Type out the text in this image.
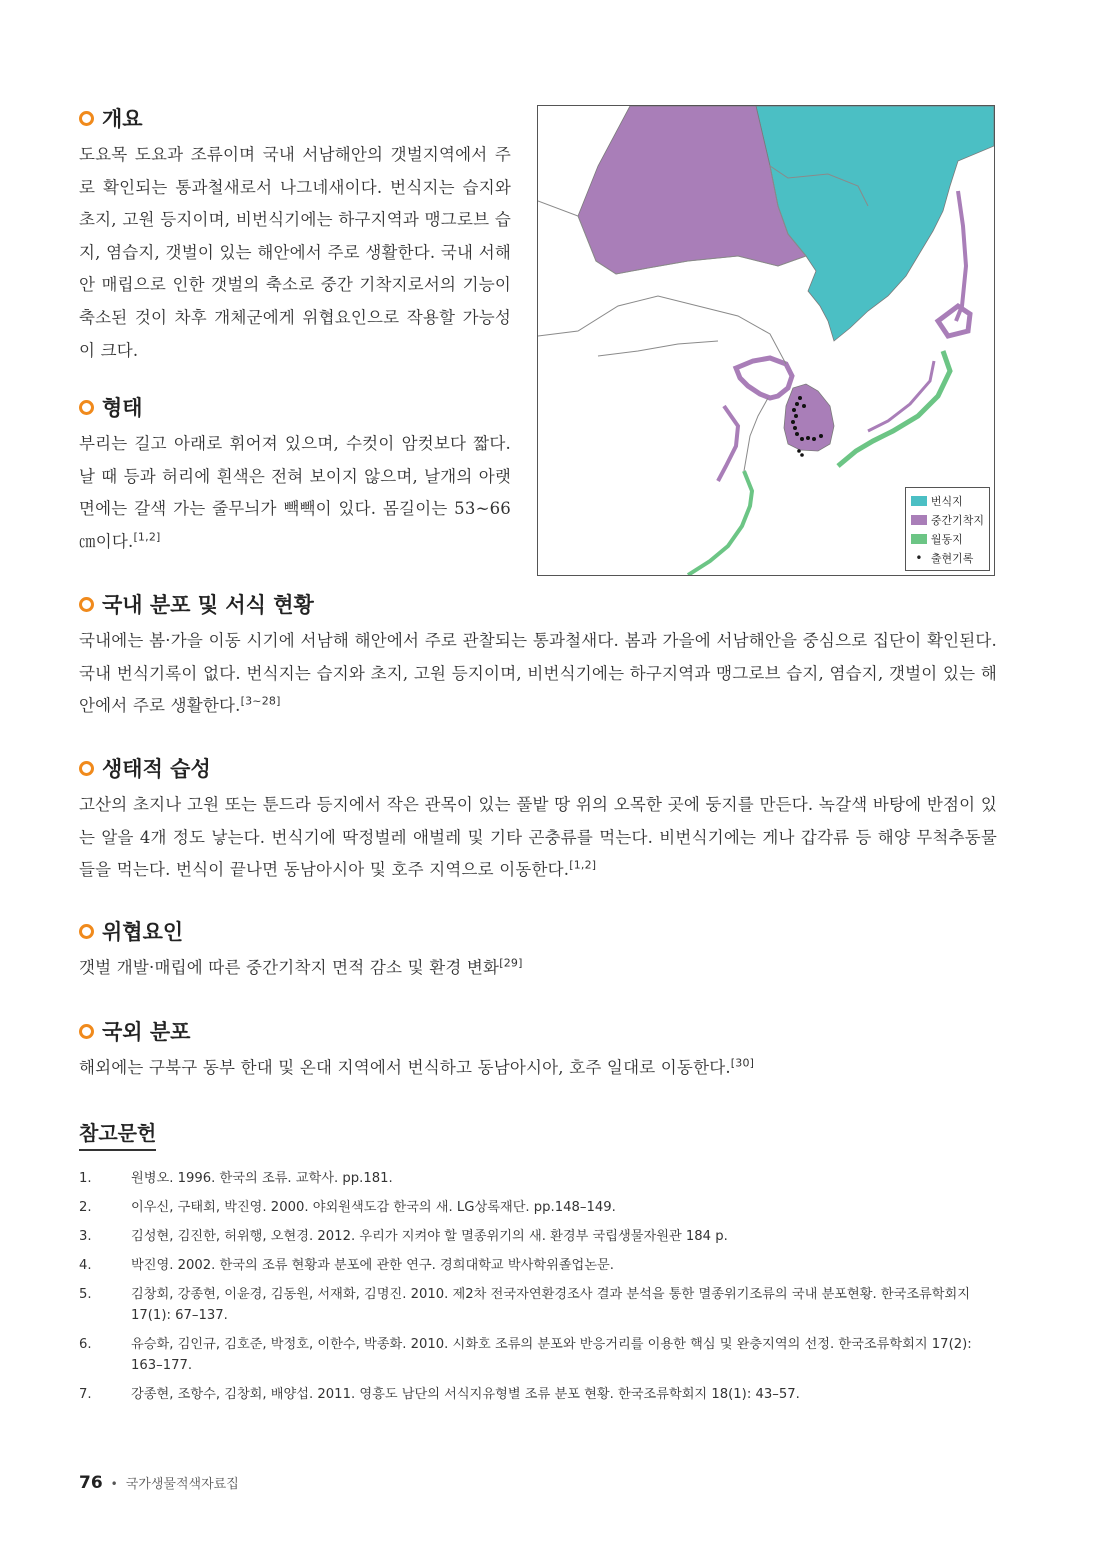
개요
도요목 도요과 조류이며 국내 서남해안의 갯벌지역에서 주로 확인되는 통과철새로서 나그네새이다. 번식지는 습지와 초지, 고원 등지이며, 비번식기에는 하구지역과 맹그로브 습지, 염습지, 갯벌이 있는 해안에서 주로 생활한다. 국내 서해안 매립으로 인한 갯벌의 축소로 중간 기착지로서의 기능이 축소된 것이 차후 개체군에게 위협요인으로 작용할 가능성이 크다.
형태
부리는 길고 아래로 휘어져 있으며, 수컷이 암컷보다 짧다. 날 때 등과 허리에 흰색은 전혀 보이지 않으며, 날개의 아랫면에는 갈색 가는 줄무늬가 빽빽이 있다. 몸길이는 53~66㎝이다.[1,2]
번식지
중간기착지
월동지
• 출현기록
국내 분포 및 서식 현황
국내에는 봄·가을 이동 시기에 서남해 해안에서 주로 관찰되는 통과철새다. 봄과 가을에 서남해안을 중심으로 집단이 확인된다. 국내 번식기록이 없다. 번식지는 습지와 초지, 고원 등지이며, 비번식기에는 하구지역과 맹그로브 습지, 염습지, 갯벌이 있는 해안에서 주로 생활한다.[3~28]
생태적 습성
고산의 초지나 고원 또는 툰드라 등지에서 작은 관목이 있는 풀밭 땅 위의 오목한 곳에 둥지를 만든다. 녹갈색 바탕에 반점이 있는 알을 4개 정도 낳는다. 번식기에 딱정벌레 애벌레 및 기타 곤충류를 먹는다. 비번식기에는 게나 갑각류 등 해양 무척추동물들을 먹는다. 번식이 끝나면 동남아시아 및 호주 지역으로 이동한다.[1,2]
위협요인
갯벌 개발·매립에 따른 중간기착지 면적 감소 및 환경 변화[29]
국외 분포
해외에는 구북구 동부 한대 및 온대 지역에서 번식하고 동남아시아, 호주 일대로 이동한다.[30]
참고문헌
1.	원병오. 1996. 한국의 조류. 교학사. pp.181.
2.	이우신, 구태회, 박진영. 2000. 야외원색도감 한국의 새. LG상록재단. pp.148–149.
3.	김성현, 김진한, 허위행, 오현경. 2012. 우리가 지켜야 할 멸종위기의 새. 환경부 국립생물자원관 184 p.
4.	박진영. 2002. 한국의 조류 현황과 분포에 관한 연구. 경희대학교 박사학위졸업논문.
5.	김창회, 강종현, 이윤경, 김동원, 서재화, 김명진. 2010. 제2차 전국자연환경조사 결과 분석을 통한 멸종위기조류의 국내 분포현황. 한국조류학회지 17(1): 67–137.
6.	유승화, 김인규, 김호준, 박정호, 이한수, 박종화. 2010. 시화호 조류의 분포와 반응거리를 이용한 핵심 및 완충지역의 선정. 한국조류학회지 17(2): 163–177.
7.	강종현, 조항수, 김창회, 배양섭. 2011. 영흥도 남단의 서식지유형별 조류 분포 현황. 한국조류학회지 18(1): 43–57.
76 • 국가생물적색자료집
